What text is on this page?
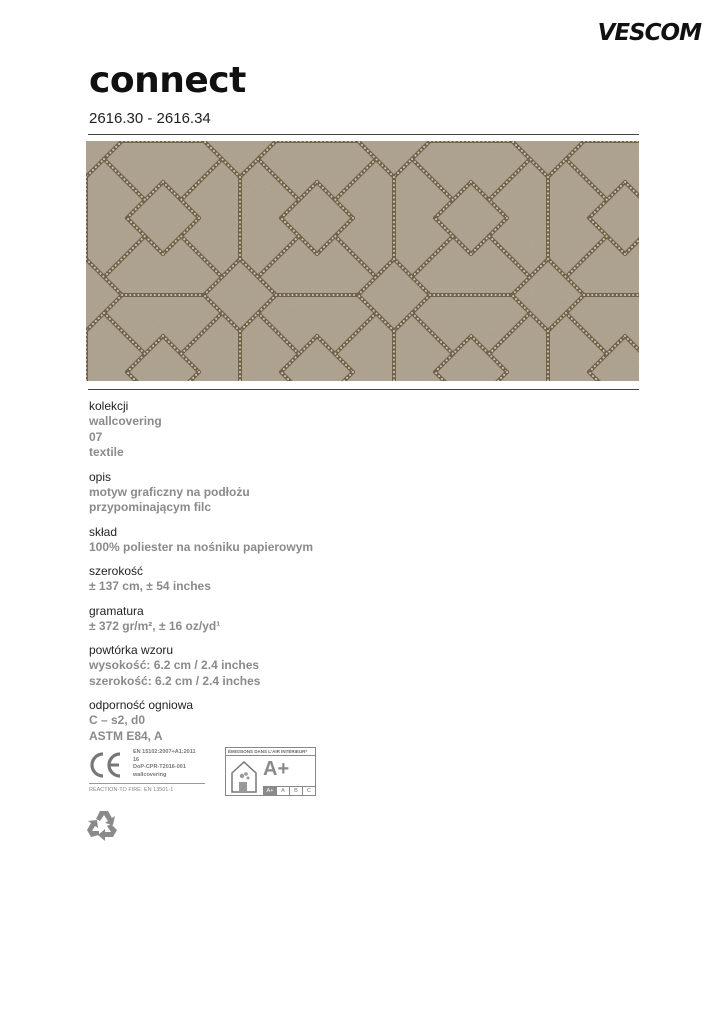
VESCOM
connect
2616.30 - 2616.34
kolekcji
wallcovering
07
textile
opis
motyw graficzny na podłożu
przypominającym filc
skład
100% poliester na nośniku papierowym
szerokość
± 137 cm, ± 54 inches
gramatura
± 372 gr/m², ± 16 oz/yd¹
powtórka wzoru
wysokość: 6.2 cm / 2.4 inches
szerokość: 6.2 cm / 2.4 inches
odporność ogniowa
C – s2, d0
ASTM E84, A
EN 15102:2007+A1:2011
16
DoP-CPR-T2016-001
wallcovering
REACTION-TO FIRE: EN 13501-1
ÉMISSIONS DANS L'AIR INTÉRIEUR*
A+
A+	A	B	C
